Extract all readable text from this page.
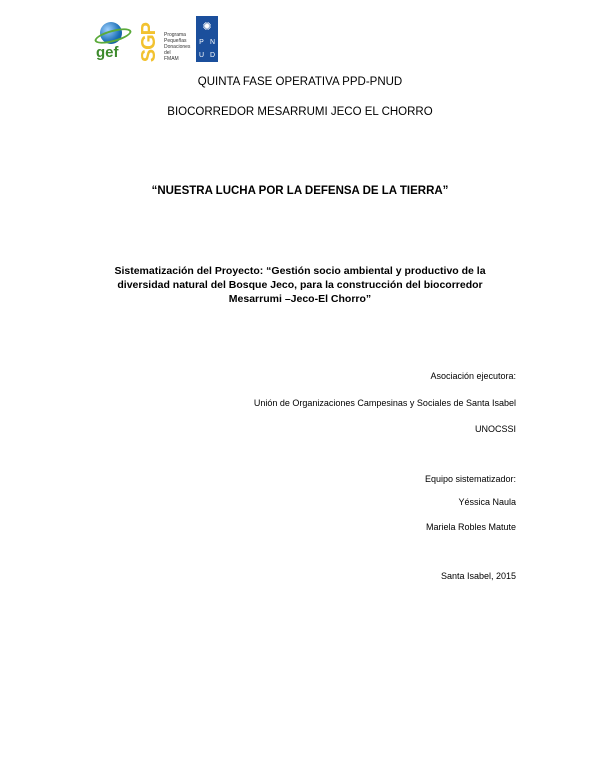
gef SGP Programa Pequeñas Donaciones del FMAM
✺
P N
U D
QUINTA FASE OPERATIVA PPD-PNUD
BIOCORREDOR MESARRUMI JECO EL CHORRO
“NUESTRA LUCHA POR LA DEFENSA DE LA TIERRA”
Sistematización del Proyecto: “Gestión socio ambiental y productivo de la diversidad natural del Bosque Jeco, para la construcción del biocorredor Mesarrumi –Jeco-El Chorro”
Asociación ejecutora:
Unión de Organizaciones Campesinas y Sociales de Santa Isabel
UNOCSSI
Equipo sistematizador:
Yéssica Naula
Mariela Robles Matute
Santa Isabel, 2015
